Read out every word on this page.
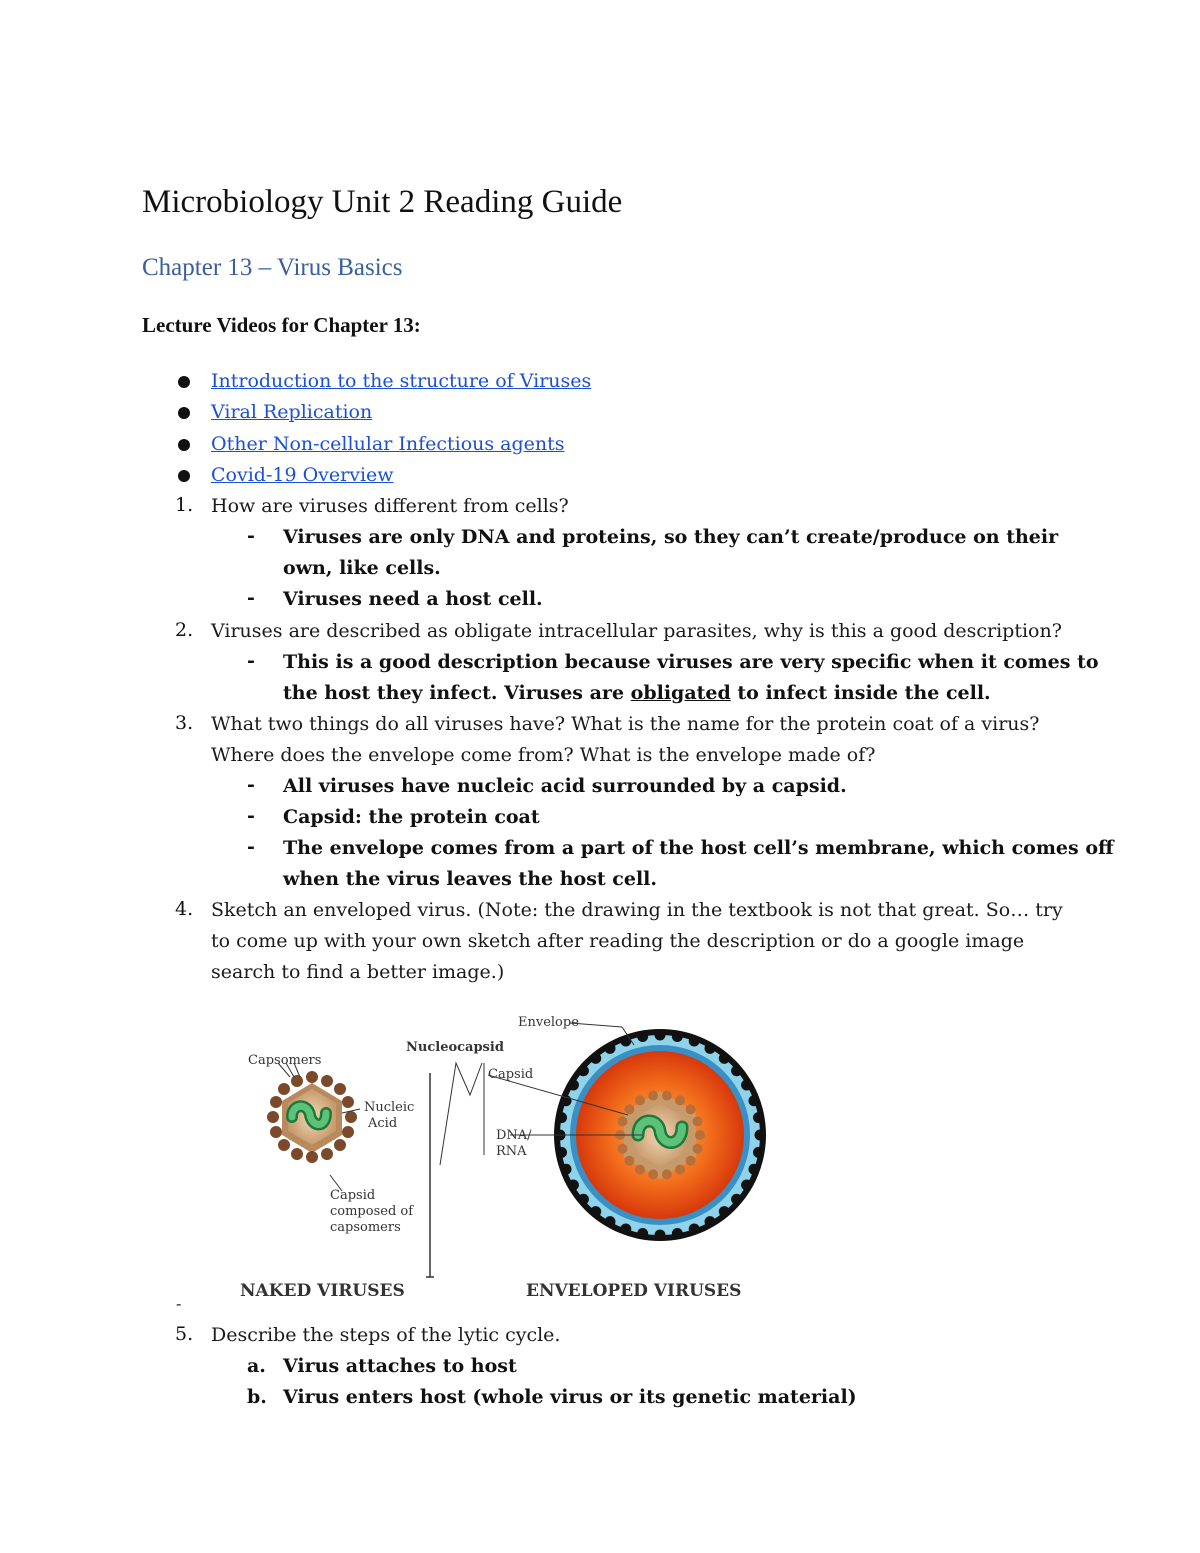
Microbiology Unit 2 Reading Guide
Chapter 13 – Virus Basics
Lecture Videos for Chapter 13:
Introduction to the structure of Viruses
Viral Replication
Other Non-cellular Infectious agents
Covid-19 Overview
1. How are viruses different from cells?
- Viruses are only DNA and proteins, so they can’t create/produce on their
own, like cells.
- Viruses need a host cell.
2. Viruses are described as obligate intracellular parasites, why is this a good description?
- This is a good description because viruses are very specific when it comes to
the host they infect. Viruses are obligated to infect inside the cell.
3. What two things do all viruses have? What is the name for the protein coat of a virus?
Where does the envelope come from? What is the envelope made of?
- All viruses have nucleic acid surrounded by a capsid.
- Capsid: the protein coat
- The envelope comes from a part of the host cell’s membrane, which comes off
when the virus leaves the host cell.
4. Sketch an enveloped virus. (Note: the drawing in the textbook is not that great. So… try
to come up with your own sketch after reading the description or do a google image
search to find a better image.)
Capsomers
Nucleic
Acid
Capsid
composed of
capsomers
Nucleocapsid
Capsid
DNA/
RNA
Envelope
NAKED VIRUSES	ENVELOPED VIRUSES
-
5. Describe the steps of the lytic cycle.
a. Virus attaches to host
b. Virus enters host (whole virus or its genetic material)
